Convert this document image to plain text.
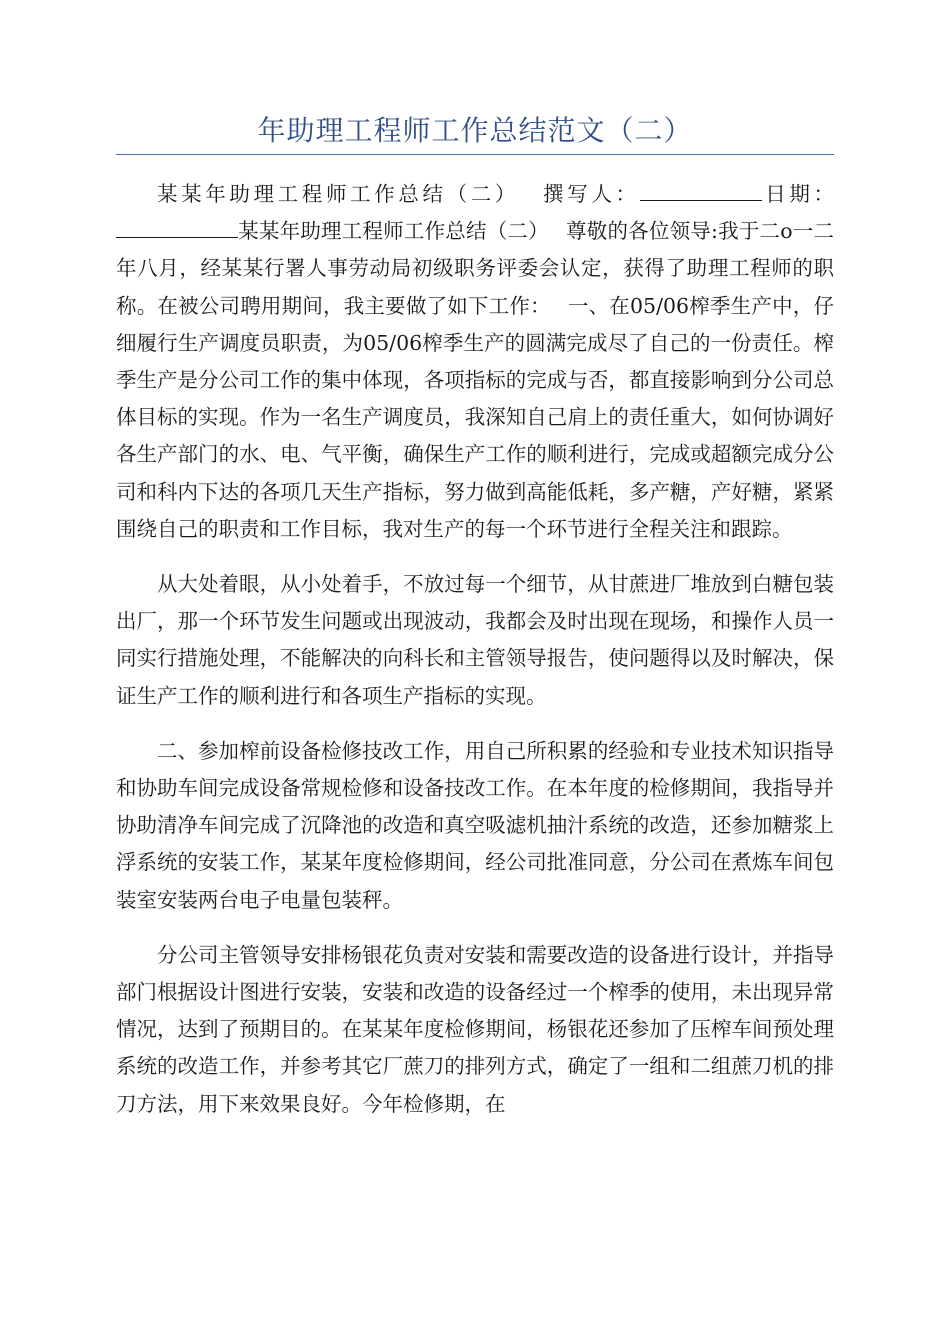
年助理工程师工作总结范文（二）

某某年助理工程师工作总结（二）　 撰写人：	日期：某某年助理工程师工作总结（二）　 尊敬的各位领导:我于二o一二年八月，经某某行署人事劳动局初级职务评委会认定，获得了助理工程师的职称。在被公司聘用期间，我主要做了如下工作：　 一、在05/06榨季生产中，仔细履行生产调度员职责，为05/06榨季生产的圆满完成尽了自己的一份责任。榨季生产是分公司工作的集中体现，各项指标的完成与否，都直接影响到分公司总体目标的实现。作为一名生产调度员，我深知自己肩上的责任重大，如何协调好各生产部门的水、电、气平衡，确保生产工作的顺利进行，完成或超额完成分公司和科内下达的各项几天生产指标，努力做到高能低耗，多产糖，产好糖，紧紧围绕自己的职责和工作目标，我对生产的每一个环节进行全程关注和跟踪。

从大处着眼，从小处着手，不放过每一个细节，从甘蔗进厂堆放到白糖包装出厂，那一个环节发生问题或出现波动，我都会及时出现在现场，和操作人员一同实行措施处理，不能解决的向科长和主管领导报告，使问题得以及时解决，保证生产工作的顺利进行和各项生产指标的实现。

二、参加榨前设备检修技改工作，用自己所积累的经验和专业技术知识指导和协助车间完成设备常规检修和设备技改工作。在本年度的检修期间，我指导并协助清净车间完成了沉降池的改造和真空吸滤机抽汁系统的改造，还参加糖浆上浮系统的安装工作，某某年度检修期间，经公司批准同意，分公司在煮炼车间包装室安装两台电子电量包装秤。

分公司主管领导安排杨银花负责对安装和需要改造的设备进行设计，并指导部门根据设计图进行安装，安装和改造的设备经过一个榨季的使用，未出现异常情况，达到了预期目的。在某某年度检修期间，杨银花还参加了压榨车间预处理系统的改造工作，并参考其它厂蔗刀的排列方式，确定了一组和二组蔗刀机的排刀方法，用下来效果良好。今年检修期，在
